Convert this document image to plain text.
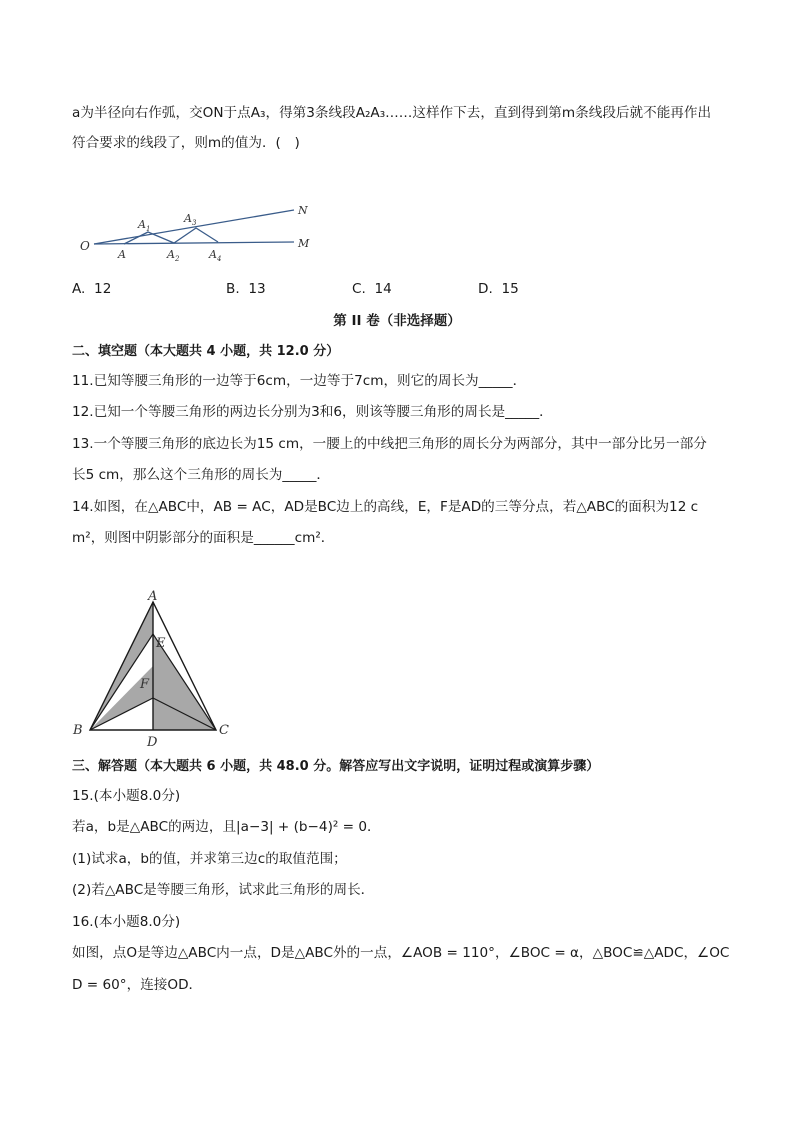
a为半径向右作弧，交ON于点A₃，得第3条线段A₂A₃……这样作下去，直到得到第m条线段后就不能再作出
符合要求的线段了，则m的值为．(　)
O
A
A 1
A 2
A 3
A 4
N
M
A. 12	B. 13	C. 14	D. 15
第 II 卷（非选择题）
二、填空题（本大题共 4 小题，共 12.0 分）
11.已知等腰三角形的一边等于6cm，一边等于7cm，则它的周长为_____．
12.已知一个等腰三角形的两边长分别为3和6，则该等腰三角形的周长是_____．
13.一个等腰三角形的底边长为15 cm，一腰上的中线把三角形的周长分为两部分，其中一部分比另一部分
长5 cm，那么这个三角形的周长为_____．
14.如图，在△ABC中，AB = AC，AD是BC边上的高线，E，F是AD的三等分点，若△ABC的面积为12 c
m²，则图中阴影部分的面积是______cm²．
A
B	C
D
E
F
三、解答题（本大题共 6 小题，共 48.0 分。解答应写出文字说明，证明过程或演算步骤）
15.(本小题8.0分)
若a，b是△ABC的两边，且|a−3| + (b−4)² = 0．
(1)试求a，b的值，并求第三边c的取值范围；
(2)若△ABC是等腰三角形，试求此三角形的周长．
16.(本小题8.0分)
如图，点O是等边△ABC内一点，D是△ABC外的一点，∠AOB = 110°，∠BOC = α，△BOC≌△ADC，∠OC
D = 60°，连接OD．
